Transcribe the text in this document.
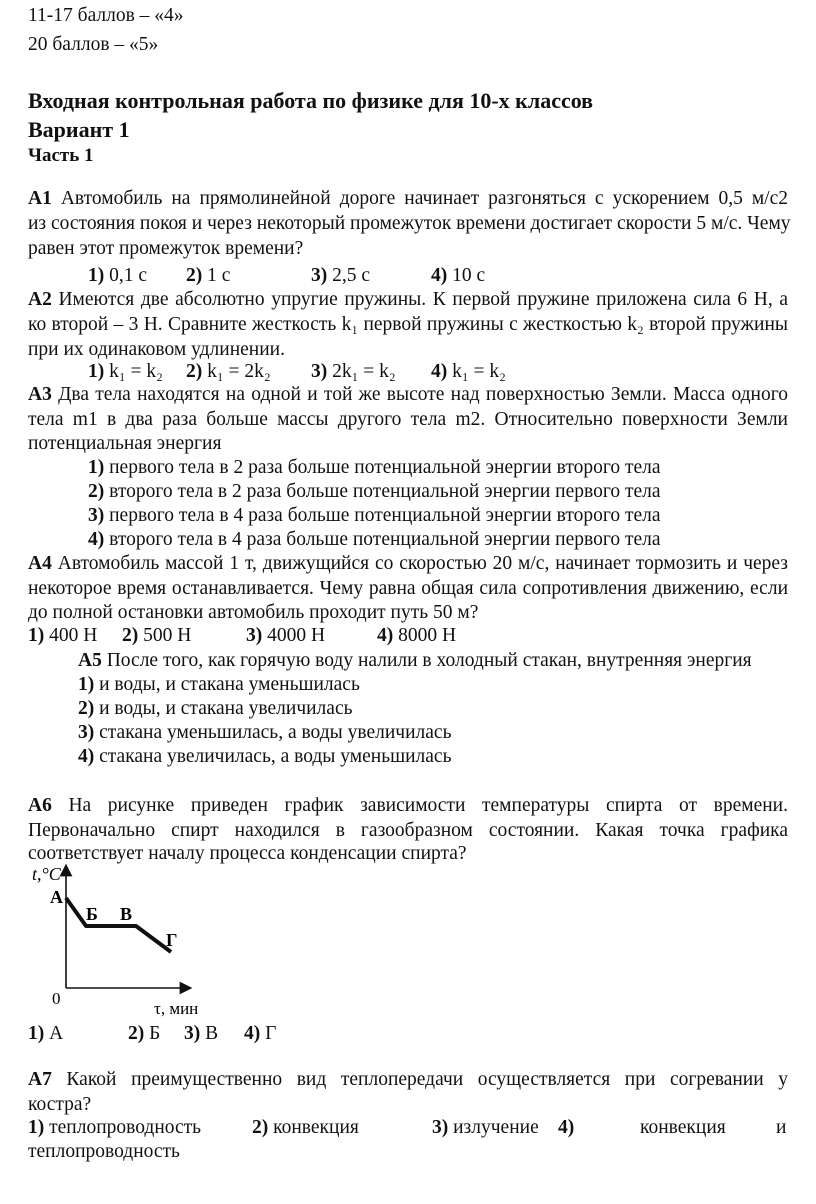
11-17 баллов – «4»
20 баллов – «5»
Входная контрольная работа по физике для 10-х классов
Вариант 1
Часть 1
А1 Автомобиль на прямолинейной дороге начинает разгоняться с ускорением 0,5 м/с2
из состояния покоя и через некоторый промежуток времени достигает скорости 5 м/с. Чему
равен этот промежуток времени?
1) 0,1 с 2) 1 с	3) 2,5 с	4) 10 с
А2 Имеются две абсолютно упругие пружины. К первой пружине приложена сила 6 Н, а
ко второй – 3 Н. Сравните жесткость k₁ первой пружины с жесткостью k₂ второй пружины
при их одинаковом удлинении.
1) k₁ = k₂ 2) k₁ = 2k₂ 3) 2k₁ = k₂ 4) k₁ = k₂
А3 Два тела находятся на одной и той же высоте над поверхностью Земли. Масса одного
тела m1 в два раза больше массы другого тела m2. Относительно поверхности Земли
потенциальная энергия
1) первого тела в 2 раза больше потенциальной энергии второго тела
2) второго тела в 2 раза больше потенциальной энергии первого тела
3) первого тела в 4 раза больше потенциальной энергии второго тела
4) второго тела в 4 раза больше потенциальной энергии первого тела
А4 Автомобиль массой 1 т, движущийся со скоростью 20 м/с, начинает тормозить и через
некоторое время останавливается. Чему равна общая сила сопротивления движению, если
до полной остановки автомобиль проходит путь 50 м?
1) 400 Н 2) 500 Н	3) 4000 Н	4) 8000 Н
А5 После того, как горячую воду налили в холодный стакан, внутренняя энергия
1) и воды, и стакана уменьшилась
2) и воды, и стакана увеличилась
3) стакана уменьшилась, а воды увеличилась
4) стакана увеличилась, а воды уменьшилась
А6 На рисунке приведен график зависимости температуры спирта от времени.
Первоначально спирт находился в газообразном состоянии. Какая точка графика
соответствует началу процесса конденсации спирта?
t,°C
0
τ, мин
А
Б В
Г
1) А	2) Б 3) В 4) Г
А7 Какой преимущественно вид теплопередачи осуществляется при согревании у
костра?
1) теплопроводность	2) конвекция	3) излучение 4)	конвекция	и
теплопроводность
